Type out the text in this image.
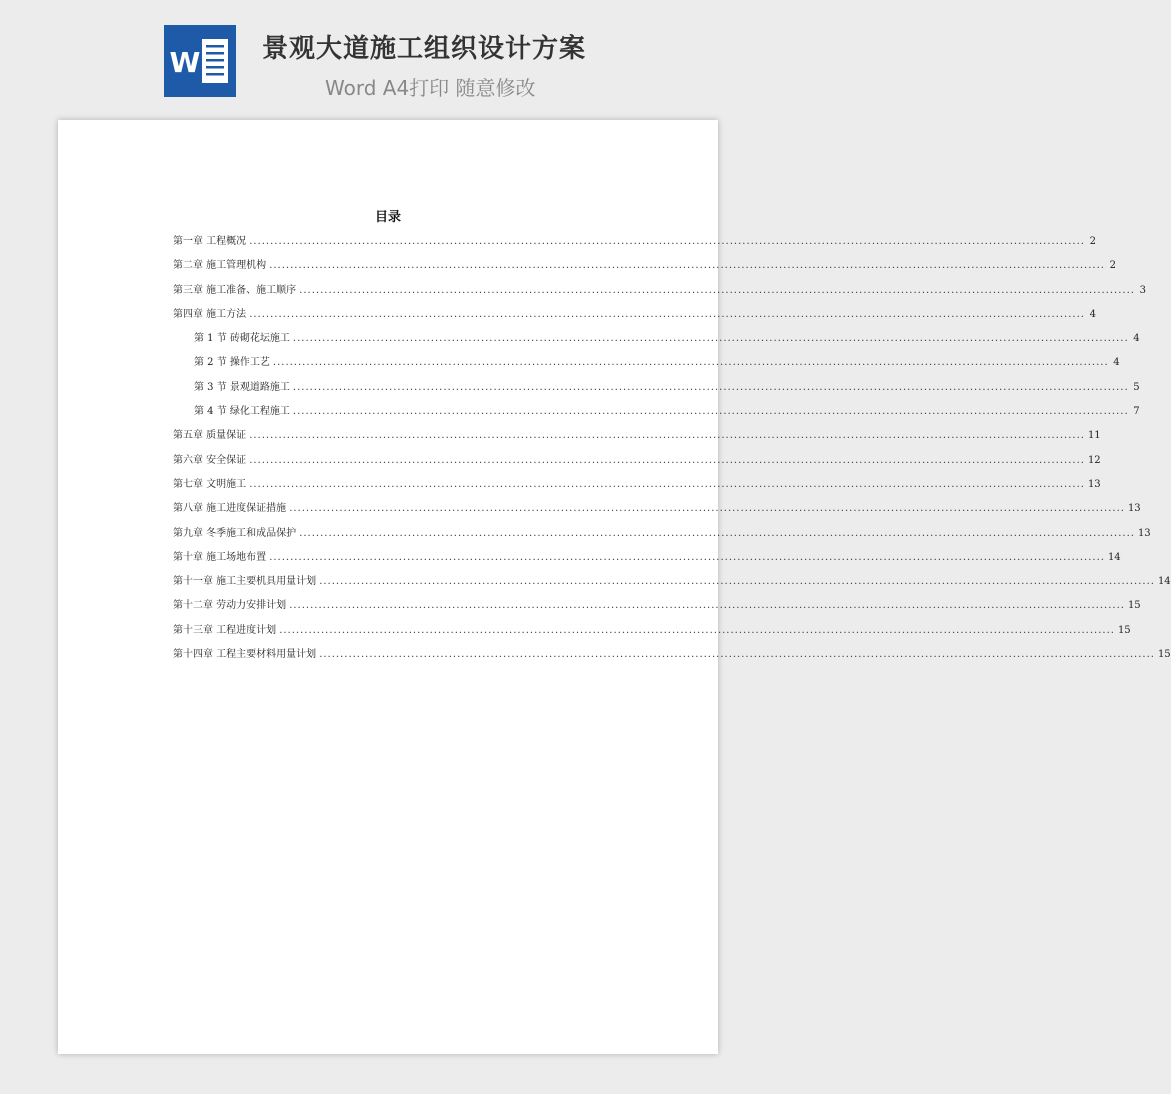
W 景观大道施工组织设计方案
Word A4打印 随意修改
目录
第一章 工程概况 ........................................................................................................................................................................................................ 2
第二章 施工管理机构 ........................................................................................................................................................................................................ 2
第三章 施工准备、施工顺序 ........................................................................................................................................................................................................ 3
第四章 施工方法 ........................................................................................................................................................................................................ 4
第 1 节 砖砌花坛施工 ........................................................................................................................................................................................................ 4
第 2 节 操作工艺 ........................................................................................................................................................................................................ 4
第 3 节 景观道路施工 ........................................................................................................................................................................................................ 5
第 4 节 绿化工程施工 ........................................................................................................................................................................................................ 7
第五章 质量保证 ........................................................................................................................................................................................................ 11
第六章 安全保证 ........................................................................................................................................................................................................ 12
第七章 文明施工 ........................................................................................................................................................................................................ 13
第八章 施工进度保证措施 ........................................................................................................................................................................................................ 13
第九章 冬季施工和成品保护 ........................................................................................................................................................................................................ 13
第十章 施工场地布置 ........................................................................................................................................................................................................ 14
第十一章 施工主要机具用量计划 ........................................................................................................................................................................................................ 14
第十二章 劳动力安排计划 ........................................................................................................................................................................................................ 15
第十三章 工程进度计划 ........................................................................................................................................................................................................ 15
第十四章 工程主要材料用量计划 ........................................................................................................................................................................................................ 15
